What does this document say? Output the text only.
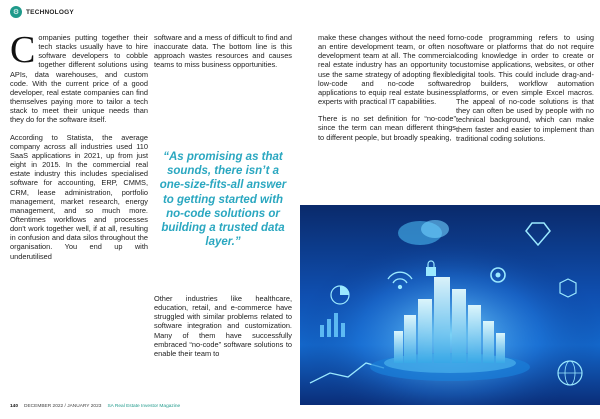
⚙	TECHNOLOGY

Companies putting together their tech stacks usually have to hire software developers to cobble together different solutions using APIs, data warehouses, and custom code. With the current price of a good developer, real estate companies can find themselves paying more to tailor a tech stack to meet their unique needs than they do for the software itself.

According to Statista, the average company across all industries used 110 SaaS applications in 2021, up from just eight in 2015. In the commercial real estate industry this includes specialised software for accounting, ERP, CMMS, CRM, lease administration, portfolio management, market research, energy management, and so much more. Oftentimes workflows and processes don't work together well, if at all, resulting in confusion and data silos throughout the organisation. You end up with underutilised

software and a mess of difficult to find and inaccurate data. The bottom line is this approach wastes resources and causes teams to miss business opportunities.

“As promising as that sounds, there isn’t a one-size-fits-all answer to getting started with no-code solutions or building a trusted data layer.”

Other industries like healthcare, education, retail, and e-commerce have struggled with similar problems related to software integration and customization. Many of them have successfully embraced “no-code” software solutions to enable their team to

make these changes without the need for an entire development team, or often no development team at all. The commercial real estate industry has an opportunity to use the same strategy of adopting flexible low-code and no-code software applications to equip real estate business experts with practical IT capabilities.

There is no set definition for “no-code” since the term can mean different things to different people, but broadly speaking,

no-code programming refers to using software or platforms that do not require coding knowledge in order to create or customise applications, websites, or other digital tools. This could include drag-and-drop builders, workflow automation platforms, or even simple Excel macros. The appeal of no-code solutions is that they can often be used by people with no technical background, which can make them faster and easier to implement than traditional coding solutions.

140 DECEMBER 2022 / JANUARY 2023 SA Real Estate Investor Magazine
